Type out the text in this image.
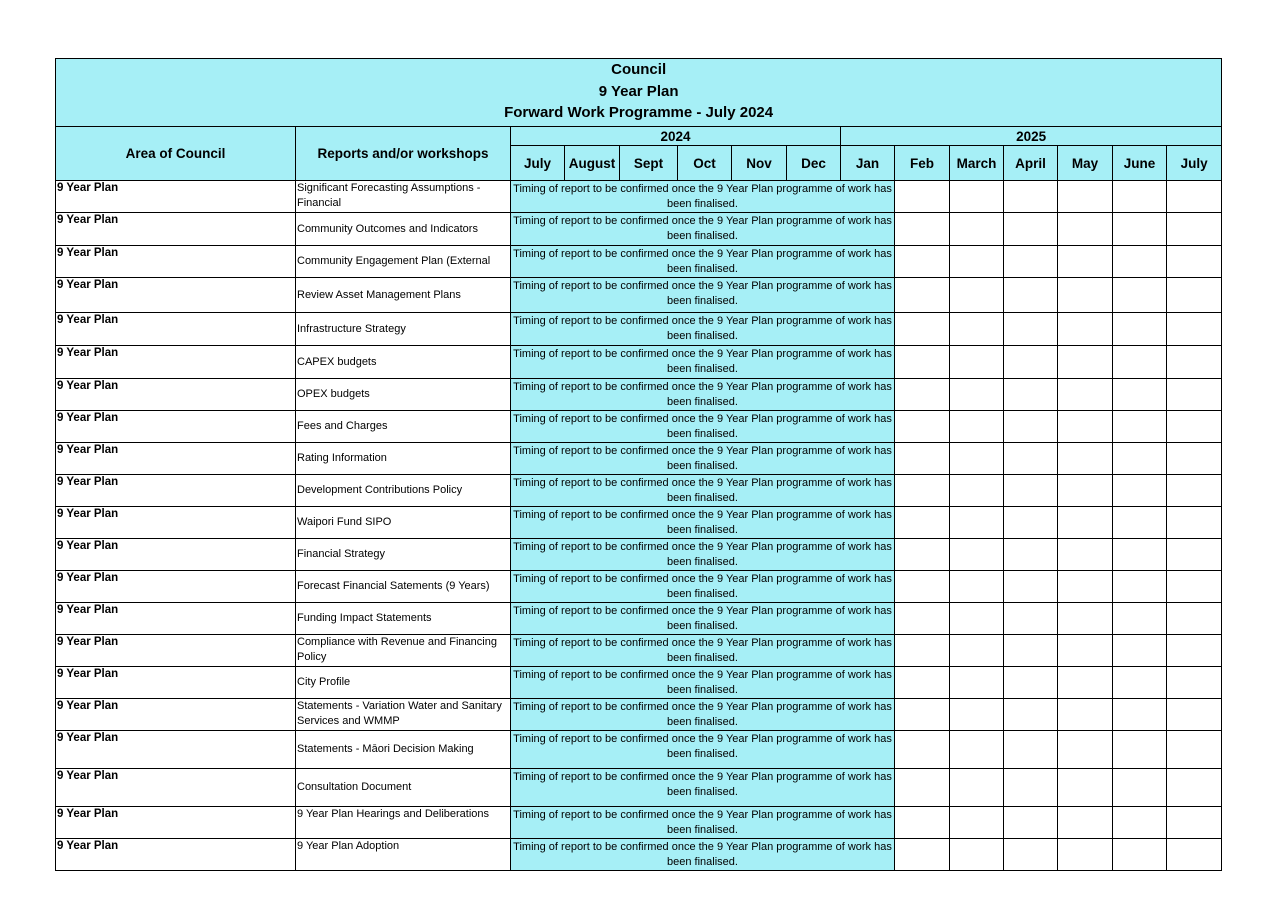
Council
9 Year Plan
Forward Work Programme - July 2024														

Area of Council	Reports and/or workshops	2024						2025						
		July	August	Sept	Oct	Nov	Dec	Jan	Feb	March	April	May	June	July
9 Year Plan	Significant Forecasting Assumptions - Financial	Timing of report to be confirmed once the 9 Year Plan programme of work has been finalised.												
9 Year Plan	Community Outcomes and Indicators	Timing of report to be confirmed once the 9 Year Plan programme of work has been finalised.												
9 Year Plan	Community Engagement Plan (External	Timing of report to be confirmed once the 9 Year Plan programme of work has been finalised.												
9 Year Plan	Review Asset Management Plans	Timing of report to be confirmed once the 9 Year Plan programme of work has been finalised.												
9 Year Plan	Infrastructure Strategy	Timing of report to be confirmed once the 9 Year Plan programme of work has been finalised.												
9 Year Plan	CAPEX budgets	Timing of report to be confirmed once the 9 Year Plan programme of work has been finalised.												
9 Year Plan	OPEX budgets	Timing of report to be confirmed once the 9 Year Plan programme of work has been finalised.												
9 Year Plan	Fees and Charges	Timing of report to be confirmed once the 9 Year Plan programme of work has been finalised.												
9 Year Plan	Rating Information	Timing of report to be confirmed once the 9 Year Plan programme of work has been finalised.												
9 Year Plan	Development Contributions Policy	Timing of report to be confirmed once the 9 Year Plan programme of work has been finalised.												
9 Year Plan	Waipori Fund SIPO	Timing of report to be confirmed once the 9 Year Plan programme of work has been finalised.												
9 Year Plan	Financial Strategy	Timing of report to be confirmed once the 9 Year Plan programme of work has been finalised.												
9 Year Plan	Forecast Financial Satements (9 Years)	Timing of report to be confirmed once the 9 Year Plan programme of work has been finalised.												
9 Year Plan	Funding Impact Statements	Timing of report to be confirmed once the 9 Year Plan programme of work has been finalised.												
9 Year Plan	Compliance with Revenue and Financing Policy	Timing of report to be confirmed once the 9 Year Plan programme of work has been finalised.												
9 Year Plan	City Profile	Timing of report to be confirmed once the 9 Year Plan programme of work has been finalised.												
9 Year Plan	Statements - Variation Water and Sanitary Services and WMMP	Timing of report to be confirmed once the 9 Year Plan programme of work has been finalised.												
9 Year Plan	Statements - Māori Decision Making	Timing of report to be confirmed once the 9 Year Plan programme of work has been finalised.												
9 Year Plan	Consultation Document	Timing of report to be confirmed once the 9 Year Plan programme of work has been finalised.												
9 Year Plan	9 Year Plan Hearings and Deliberations	Timing of report to be confirmed once the 9 Year Plan programme of work has been finalised.												
9 Year Plan	9 Year Plan Adoption	Timing of report to be confirmed once the 9 Year Plan programme of work has been finalised.												
